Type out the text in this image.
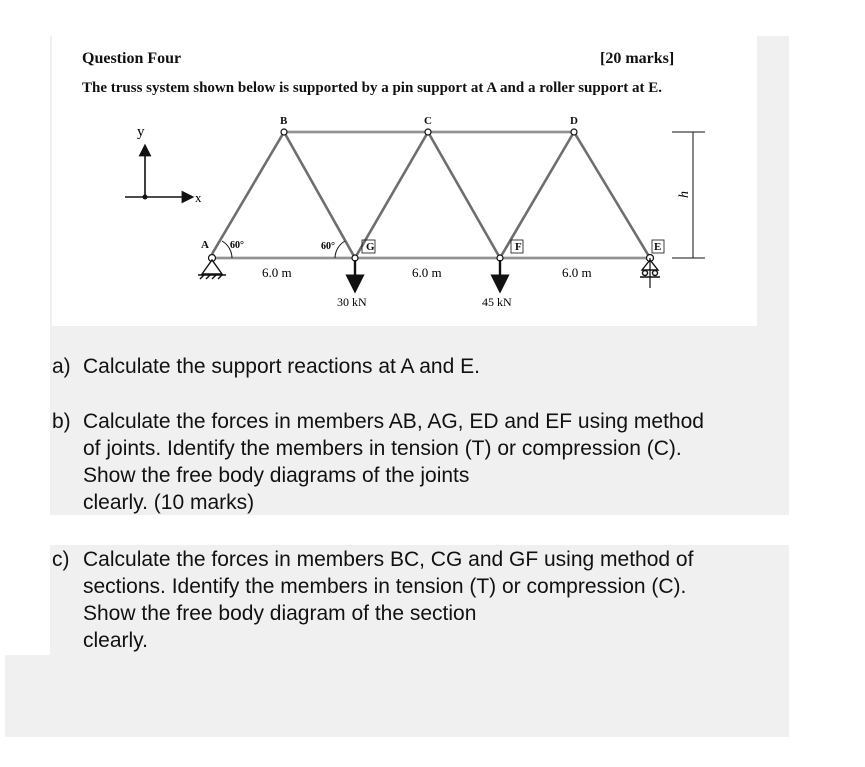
Question Four	[20 marks]
The truss system shown below is supported by a pin support at A and a roller support at E.
y
x	h
30 kN	45 kN
6.0 m	6.0 m	6.0 m
B	C	D
A	G	F	E
60°	60°
a) Calculate the support reactions at A and E.
b) Calculate the forces in members AB, AG, ED and EF using method
of joints. Identify the members in tension (T) or compression (C).
Show the free body diagrams of the joints
clearly. (10 marks)
c) Calculate the forces in members BC, CG and GF using method of
sections. Identify the members in tension (T) or compression (C).
Show the free body diagram of the section
clearly.
